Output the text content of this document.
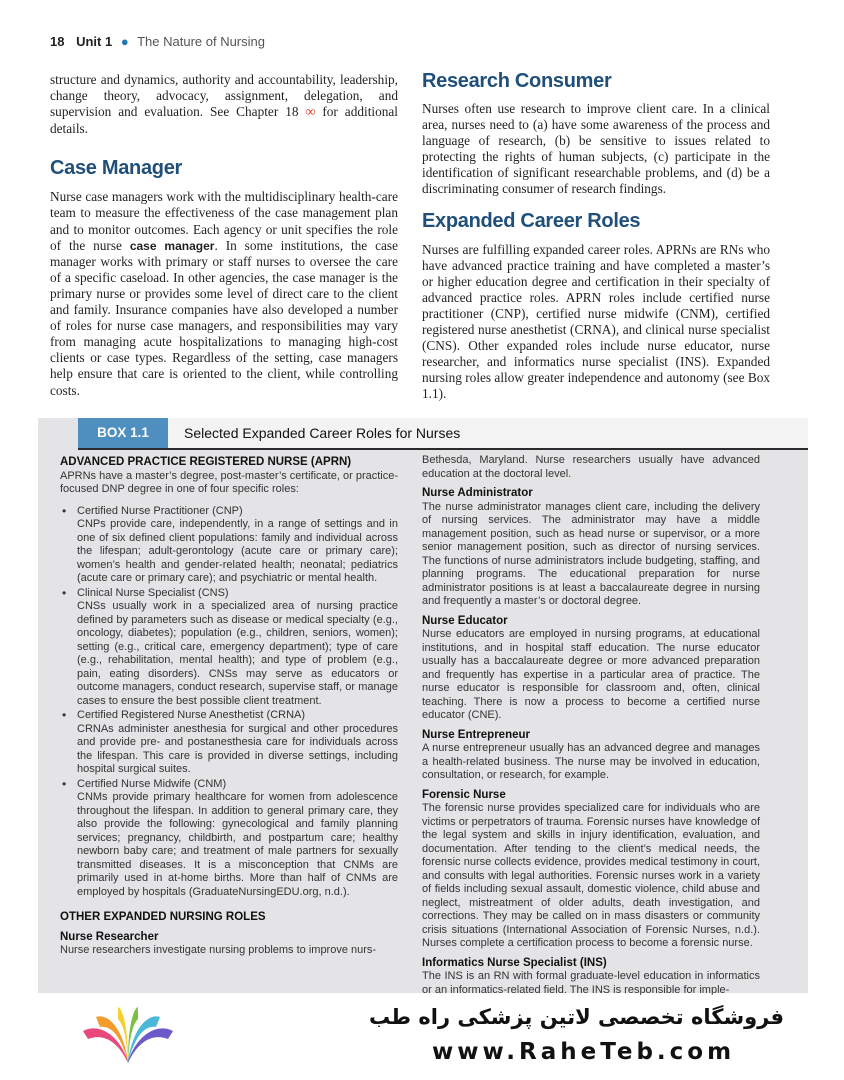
18 Unit 1 ● The Nature of Nursing

structure and dynamics, authority and accountability, leadership, change theory, advocacy, assignment, delegation, and supervision and evaluation. See Chapter 18 ∞ for additional details.

Case Manager

Nurse case managers work with the multidisciplinary health-care team to measure the effectiveness of the case management plan and to monitor outcomes. Each agency or unit specifies the role of the nurse case manager. In some institutions, the case manager works with primary or staff nurses to oversee the care of a specific caseload. In other agencies, the case manager is the primary nurse or provides some level of direct care to the client and family. Insurance companies have also developed a number of roles for nurse case managers, and responsibilities may vary from managing acute hospitalizations to managing high-cost clients or case types. Regardless of the setting, case managers help ensure that care is oriented to the client, while controlling costs.

Research Consumer

Nurses often use research to improve client care. In a clinical area, nurses need to (a) have some awareness of the process and language of research, (b) be sensitive to issues related to protecting the rights of human subjects, (c) participate in the identification of significant researchable problems, and (d) be a discriminating consumer of research findings.

Expanded Career Roles

Nurses are fulfilling expanded career roles. APRNs are RNs who have advanced practice training and have completed a master’s or higher education degree and certification in their specialty of advanced practice roles. APRN roles include certified nurse practitioner (CNP), certified nurse midwife (CNM), certified registered nurse anesthetist (CRNA), and clinical nurse specialist (CNS). Other expanded roles include nurse educator, nurse researcher, and informatics nurse specialist (INS). Expanded nursing roles allow greater independence and autonomy (see Box 1.1).

BOX 1.1	Selected Expanded Career Roles for Nurses
ADVANCED PRACTICE REGISTERED NURSE (APRN)

APRNs have a master’s degree, post-master’s certificate, or practice-focused DNP degree in one of four specific roles:

• Certified Nurse Practitioner (CNP)

CNPs provide care, independently, in a range of settings and in one of six defined client populations: family and individual across the lifespan; adult-gerontology (acute care or primary care); women’s health and gender-related health; neonatal; pediatrics (acute care or primary care); and psychiatric or mental health.

• Clinical Nurse Specialist (CNS)

CNSs usually work in a specialized area of nursing practice defined by parameters such as disease or medical specialty (e.g., oncology, diabetes); population (e.g., children, seniors, women); setting (e.g., critical care, emergency department); type of care (e.g., rehabilitation, mental health); and type of problem (e.g., pain, eating disorders). CNSs may serve as educators or outcome managers, conduct research, supervise staff, or manage cases to ensure the best possible client treatment.

• Certified Registered Nurse Anesthetist (CRNA)

CRNAs administer anesthesia for surgical and other procedures and provide pre- and postanesthesia care for individuals across the lifespan. This care is provided in diverse settings, including hospital surgical suites.

• Certified Nurse Midwife (CNM)

CNMs provide primary healthcare for women from adolescence throughout the lifespan. In addition to general primary care, they also provide the following: gynecological and family planning services; pregnancy, childbirth, and postpartum care; healthy newborn baby care; and treatment of male partners for sexually transmitted diseases. It is a misconception that CNMs are primarily used in at-home births. More than half of CNMs are employed by hospitals (GraduateNursingEDU.org, n.d.).

OTHER EXPANDED NURSING ROLES
Nurse Researcher

Nurse researchers investigate nursing problems to improve nurs-

Bethesda, Maryland. Nurse researchers usually have advanced education at the doctoral level.

Nurse Administrator

The nurse administrator manages client care, including the delivery of nursing services. The administrator may have a middle management position, such as head nurse or supervisor, or a more senior management position, such as director of nursing services. The functions of nurse administrators include budgeting, staffing, and planning programs. The educational preparation for nurse administrator positions is at least a baccalaureate degree in nursing and frequently a master’s or doctoral degree.

Nurse Educator

Nurse educators are employed in nursing programs, at educational institutions, and in hospital staff education. The nurse educator usually has a baccalaureate degree or more advanced preparation and frequently has expertise in a particular area of practice. The nurse educator is responsible for classroom and, often, clinical teaching. There is now a process to become a certified nurse educator (CNE).

Nurse Entrepreneur

A nurse entrepreneur usually has an advanced degree and manages a health-related business. The nurse may be involved in education, consultation, or research, for example.

Forensic Nurse

The forensic nurse provides specialized care for individuals who are victims or perpetrators of trauma. Forensic nurses have knowledge of the legal system and skills in injury identification, evaluation, and documentation. After tending to the client’s medical needs, the forensic nurse collects evidence, provides medical testimony in court, and consults with legal authorities. Forensic nurses work in a variety of fields including sexual assault, domestic violence, child abuse and neglect, mistreatment of older adults, death investigation, and corrections. They may be called on in mass disasters or community crisis situations (International Association of Forensic Nurses, n.d.). Nurses complete a certification process to become a forensic nurse.

Informatics Nurse Specialist (INS)

The INS is an RN with formal graduate-level education in informatics or an informatics-related field. The INS is responsible for imple-

فروشگاه تخصصی لاتین پزشکی راه طب
www.RaheTeb.com
